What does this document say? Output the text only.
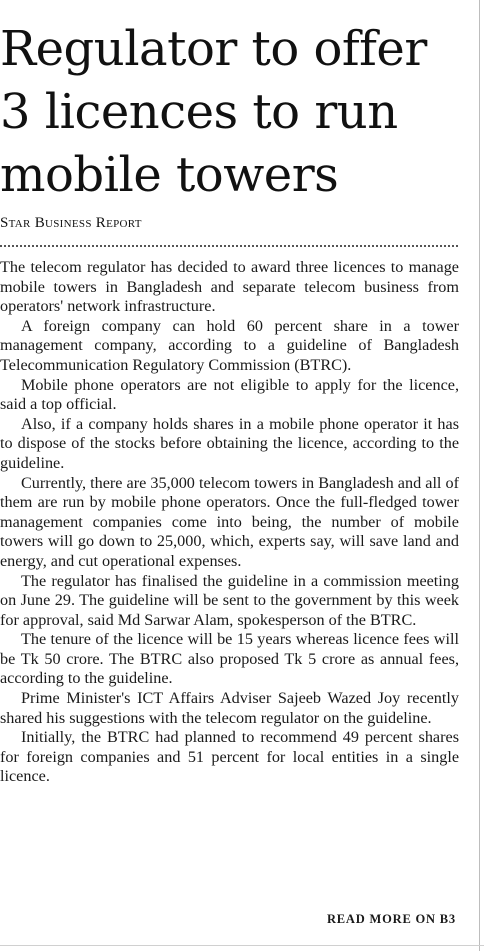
Regulator to offer 3 licences to run mobile towers
Star Business Report

The telecom regulator has decided to award three licences to manage mobile towers in Bangladesh and separate telecom business from operators' network infrastructure.

A foreign company can hold 60 percent share in a tower management company, according to a guideline of Bangladesh Telecommunication Regulatory Commission (BTRC).

Mobile phone operators are not eligible to apply for the licence, said a top official.

Also, if a company holds shares in a mobile phone operator it has to dispose of the stocks before obtaining the licence, according to the guideline.

Currently, there are 35,000 telecom towers in Bangladesh and all of them are run by mobile phone operators. Once the full-fledged tower management companies come into being, the number of mobile towers will go down to 25,000, which, experts say, will save land and energy, and cut operational expenses.

The regulator has finalised the guideline in a commission meeting on June 29. The guideline will be sent to the government by this week for approval, said Md Sarwar Alam, spokesperson of the BTRC.

The tenure of the licence will be 15 years whereas licence fees will be Tk 50 crore. The BTRC also proposed Tk 5 crore as annual fees, according to the guideline.

Prime Minister's ICT Affairs Adviser Sajeeb Wazed Joy recently shared his suggestions with the telecom regulator on the guideline.

Initially, the BTRC had planned to recommend 49 percent shares for foreign companies and 51 percent for local entities in a single licence.

READ MORE ON B3
